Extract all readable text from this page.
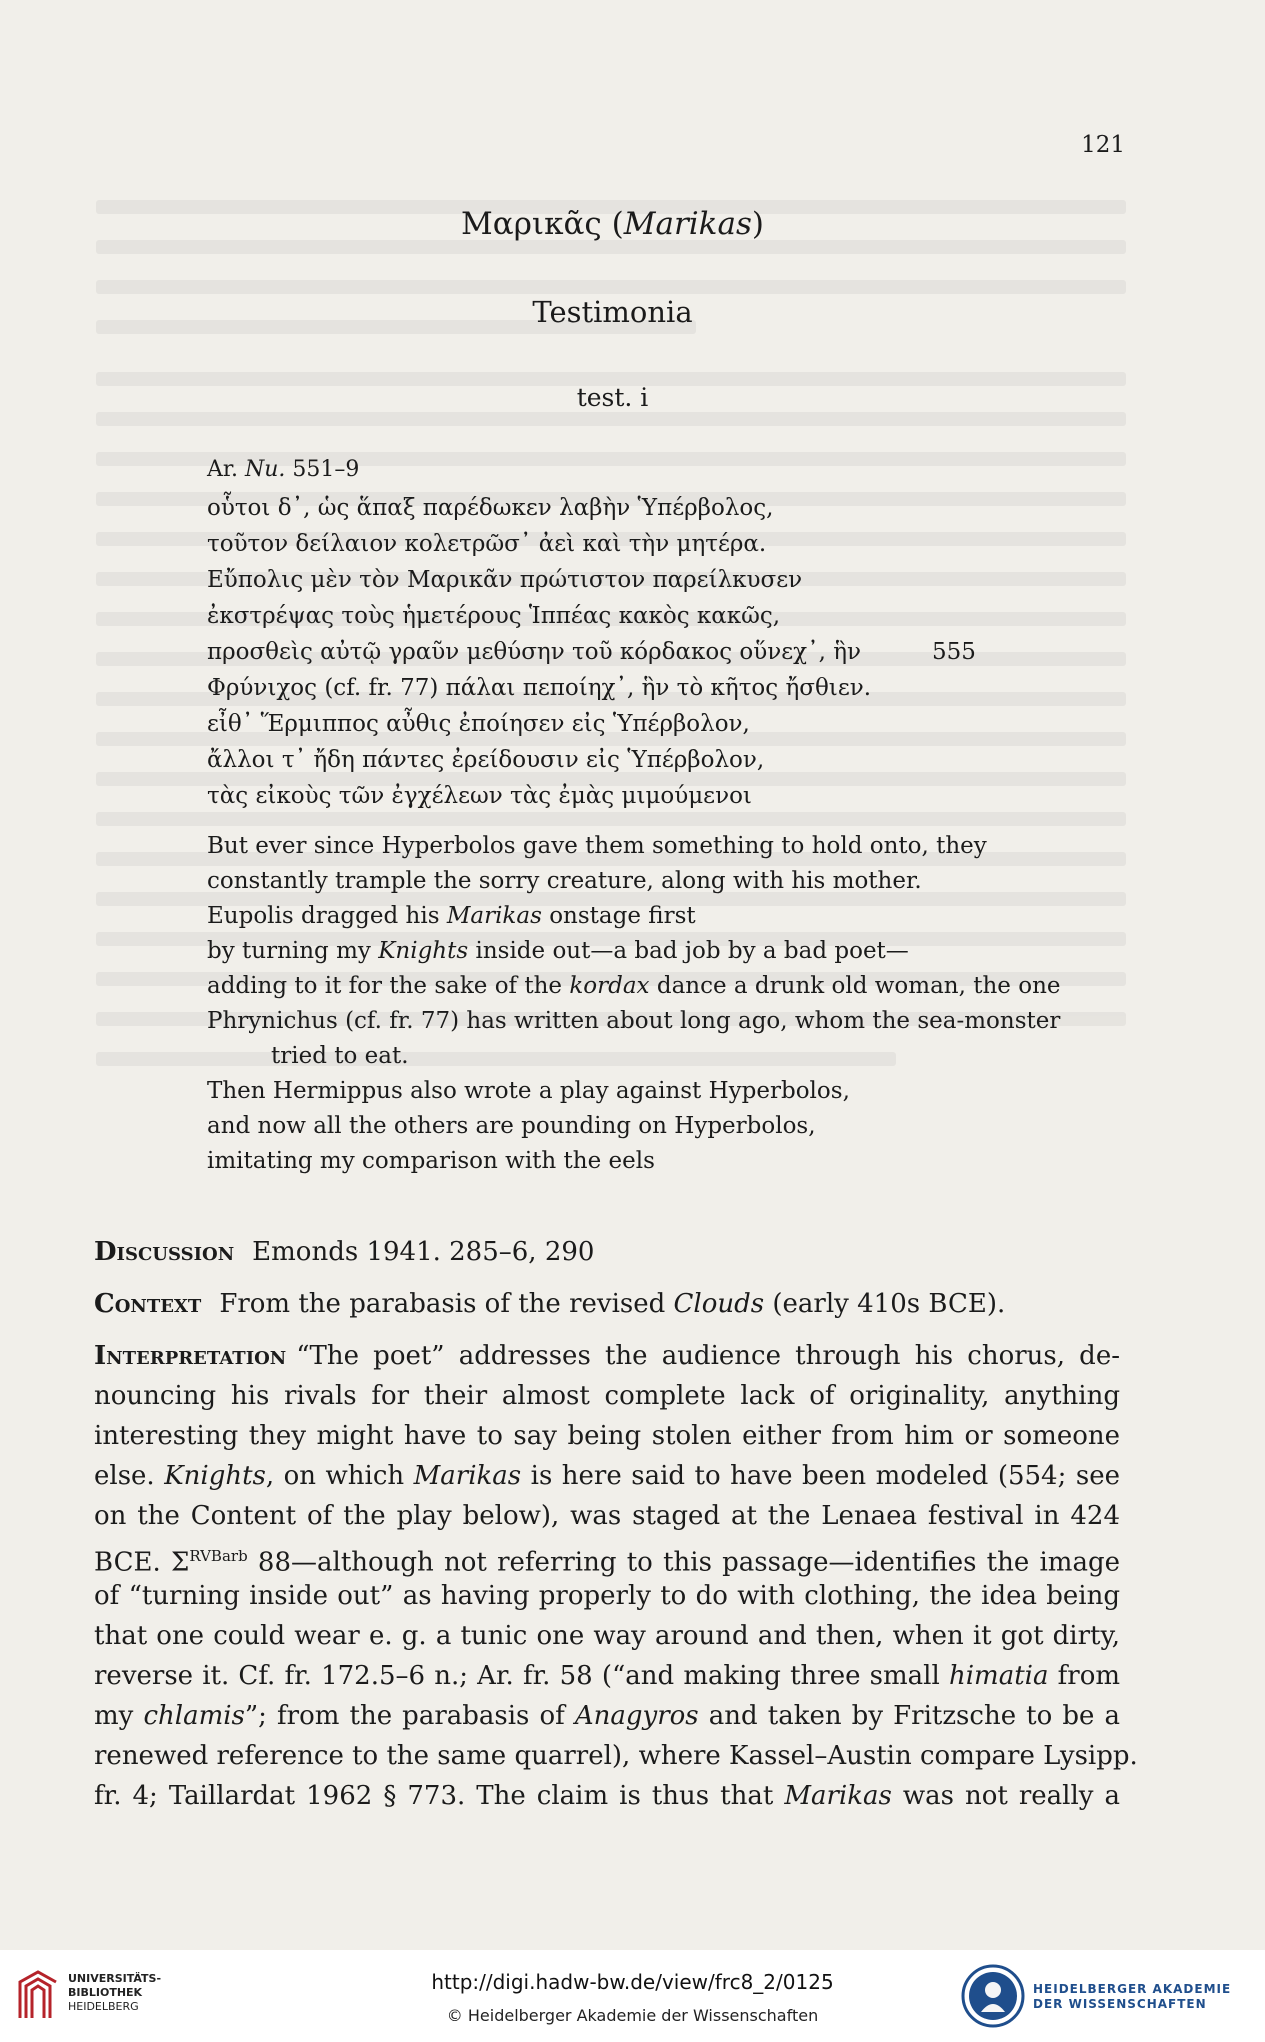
121
Μαρικᾶς (Marikas)
Testimonia
test. i
Ar. Nu. 551–9
οὗτοι δ᾽, ὡς ἅπαξ παρέδωκεν λαβὴν Ὑπέρβολος,
τοῦτον δείλαιον κολετρῶσ᾽ ἀεὶ καὶ τὴν μητέρα.
Εὔπολις μὲν τὸν Μαρικᾶν πρώτιστον παρείλκυσεν
ἐκστρέψας τοὺς ἡμετέρους Ἱππέας κακὸς κακῶς,
προσθεὶς αὐτῷ γραῦν μεθύσην τοῦ κόρδακος οὕνεχ᾽, ἣν	555
Φρύνιχος (cf. fr. 77) πάλαι πεποίηχ᾽, ἣν τὸ κῆτος ἤσθιεν.
εἶθ᾽ Ἕρμιππος αὖθις ἐποίησεν εἰς Ὑπέρβολον,
ἄλλοι τ᾽ ἤδη πάντες ἐρείδουσιν εἰς Ὑπέρβολον,
τὰς εἰκοὺς τῶν ἐγχέλεων τὰς ἐμὰς μιμούμενοι
But ever since Hyperbolos gave them something to hold onto, they
constantly trample the sorry creature, along with his mother.
Eupolis dragged his Marikas onstage first
by turning my Knights inside out—a bad job by a bad poet—
adding to it for the sake of the kordax dance a drunk old woman, the one
Phrynichus (cf. fr. 77) has written about long ago, whom the sea-monster
tried to eat.
Then Hermippus also wrote a play against Hyperbolos,
and now all the others are pounding on Hyperbolos,
imitating my comparison with the eels
Discussion Emonds 1941. 285–6, 290
Context From the parabasis of the revised Clouds (early 410s BCE).
Interpretation “The poet” addresses the audience through his chorus, de-
nouncing his rivals for their almost complete lack of originality, anything
interesting they might have to say being stolen either from him or someone
else. Knights, on which Marikas is here said to have been modeled (554; see
on the Content of the play below), was staged at the Lenaea festival in 424
BCE. $\Sigma^{RVBarb}$ 88—although not referring to this passage—identifies the image
of “turning inside out” as having properly to do with clothing, the idea being
that one could wear e. g. a tunic one way around and then, when it got dirty,
reverse it. Cf. fr. 172.5–6 n.; Ar. fr. 58 (“and making three small himatia from
my chlamis”; from the parabasis of Anagyros and taken by Fritzsche to be a
renewed reference to the same quarrel), where Kassel–Austin compare Lysipp.
fr. 4; Taillardat 1962 § 773. The claim is thus that Marikas was not really a
UNIVERSITÄTS-
BIBLIOTHEK
HEIDELBERG
http://digi.hadw-bw.de/view/frc8_2/0125
© Heidelberger Akademie der Wissenschaften
HEIDELBERGER AKADEMIE
DER WISSENSCHAFTEN
